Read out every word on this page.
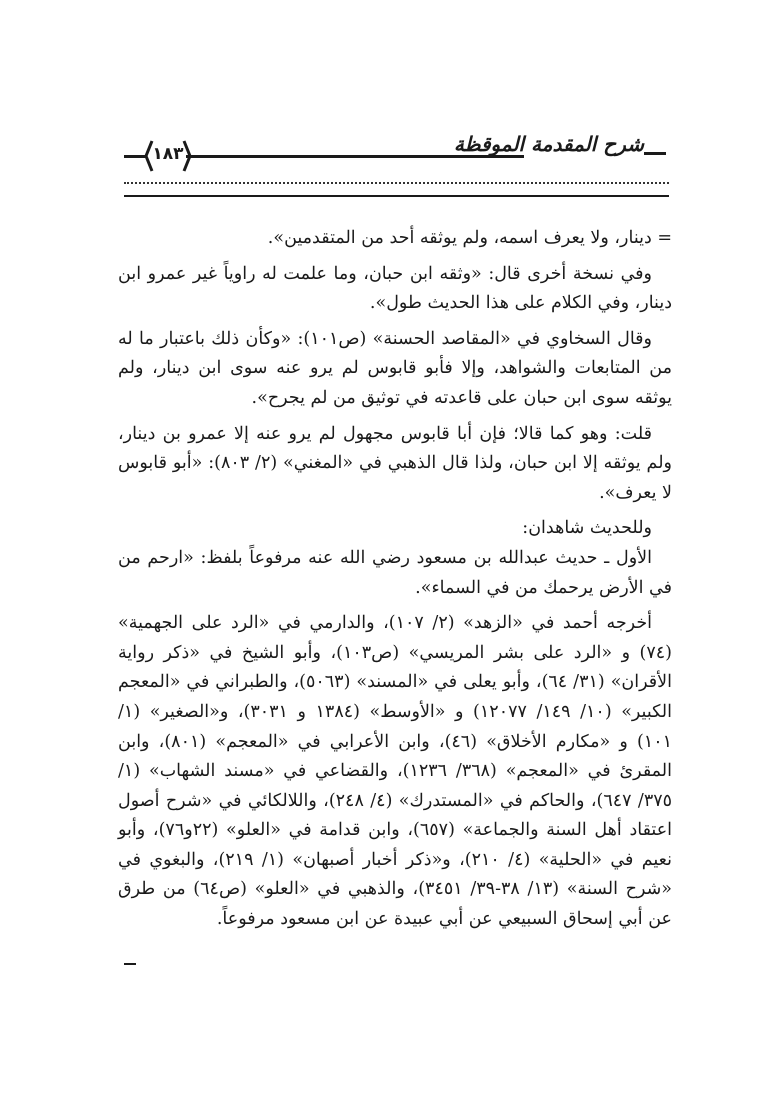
١٨٣	شرح المقدمة الموقظة

= دينار، ولا يعرف اسمه، ولم يوثقه أحد من المتقدمين».

وفي نسخة أخرى قال: «وثقه ابن حبان، وما علمت له راوياً غير عمرو ابن دينار، وفي الكلام على هذا الحديث طول».

وقال السخاوي في «المقاصد الحسنة» (ص١٠١): «وكأن ذلك باعتبار ما له من المتابعات والشواهد، وإلا فأبو قابوس لم يرو عنه سوى ابن دينار، ولم يوثقه سوى ابن حبان على قاعدته في توثيق من لم يجرح».

قلت: وهو كما قالا؛ فإن أبا قابوس مجهول لم يرو عنه إلا عمرو بن دينار، ولم يوثقه إلا ابن حبان، ولذا قال الذهبي في «المغني» (٢/ ٨٠٣): «أبو قابوس لا يعرف».

وللحديث شاهدان:

الأول ـ حديث عبدالله بن مسعود رضي الله عنه مرفوعاً بلفظ: «ارحم من في الأرض يرحمك من في السماء».

أخرجه أحمد في «الزهد» (٢/ ١٠٧)، والدارمي في «الرد على الجهمية» (٧٤) و «الرد على بشر المريسي» (ص١٠٣)، وأبو الشيخ في «ذكر رواية الأقران» (٣١/ ٦٤)، وأبو يعلى في «المسند» (٥٠٦٣)، والطبراني في «المعجم الكبير» (١٠/ ١٤٩/ ١٢٠٧٧) و «الأوسط» (١٣٨٤ و ٣٠٣١)، و«الصغير» (١/ ١٠١) و «مكارم الأخلاق» (٤٦)، وابن الأعرابي في «المعجم» (٨٠١)، وابن المقرئ في «المعجم» (٣٦٨/ ١٢٣٦)، والقضاعي في «مسند الشهاب» (١/ ٣٧٥/ ٦٤٧)، والحاكم في «المستدرك» (٤/ ٢٤٨)، واللالكائي في «شرح أصول اعتقاد أهل السنة والجماعة» (٦٥٧)، وابن قدامة في «العلو» (٢٢و٧٦)، وأبو نعيم في «الحلية» (٤/ ٢١٠)، و«ذكر أخبار أصبهان» (١/ ٢١٩)، والبغوي في «شرح السنة» (١٣/ ٣٨-٣٩/ ٣٤٥١)، والذهبي في «العلو» (ص٦٤) من طرق عن أبي إسحاق السبيعي عن أبي عبيدة عن ابن مسعود مرفوعاً.
